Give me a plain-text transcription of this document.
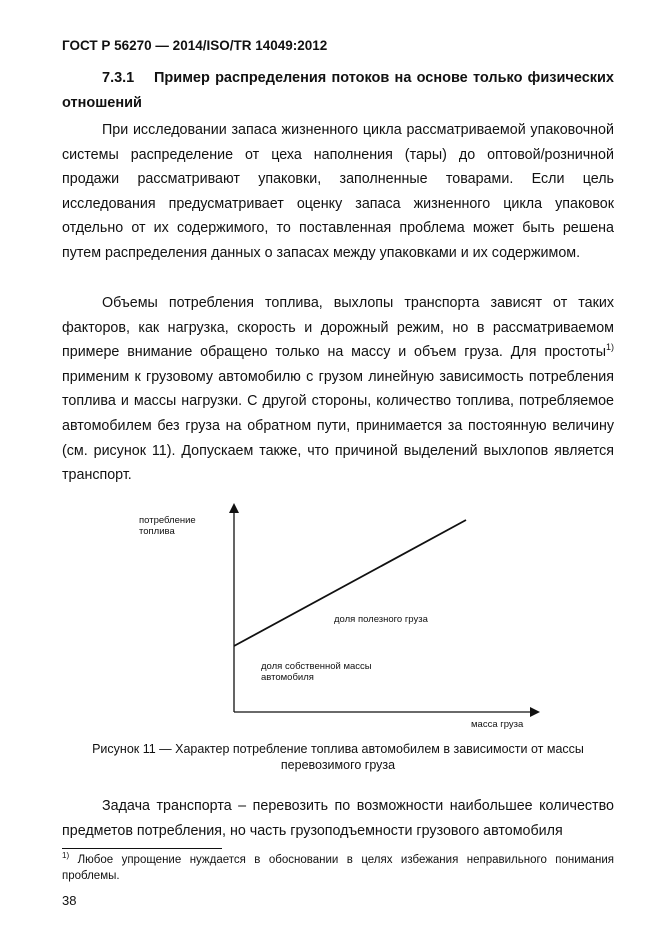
ГОСТ Р 56270 — 2014/ISO/TR 14049:2012
7.3.1 Пример распределения потоков на основе только физических отношений

При исследовании запаса жизненного цикла рассматриваемой упаковочной системы распределение от цеха наполнения (тары) до оптовой/розничной продажи рассматривают упаковки, заполненные товарами. Если цель исследования предусматривает оценку запаса жизненного цикла упаковок отдельно от их содержимого, то поставленная проблема может быть решена путем распределения данных о запасах между упаковками и их содержимом.

Объемы потребления топлива, выхлопы транспорта зависят от таких факторов, как нагрузка, скорость и дорожный режим, но в рассматриваемом примере внимание обращено только на массу и объем груза. Для простоты$^{1)}$ применим к грузовому автомобилю с грузом линейную зависимость потребления топлива и массы нагрузки. С другой стороны, количество топлива, потребляемое автомобилем без груза на обратном пути, принимается за постоянную величину (см. рисунок 11). Допускаем также, что причиной выделений выхлопов является транспорт.

потребление
топлива
доля полезного груза
доля собственной массы
автомобиля
масса груза
Рисунок 11 — Характер потребление топлива автомобилем в зависимости от массы
перевозимого груза

Задача транспорта – перевозить по возможности наибольшее количество предметов потребления, но часть грузоподъемности грузового автомобиля

$^{1)}$ Любое упрощение нуждается в обосновании в целях избежания неправильного понимания проблемы.
38
